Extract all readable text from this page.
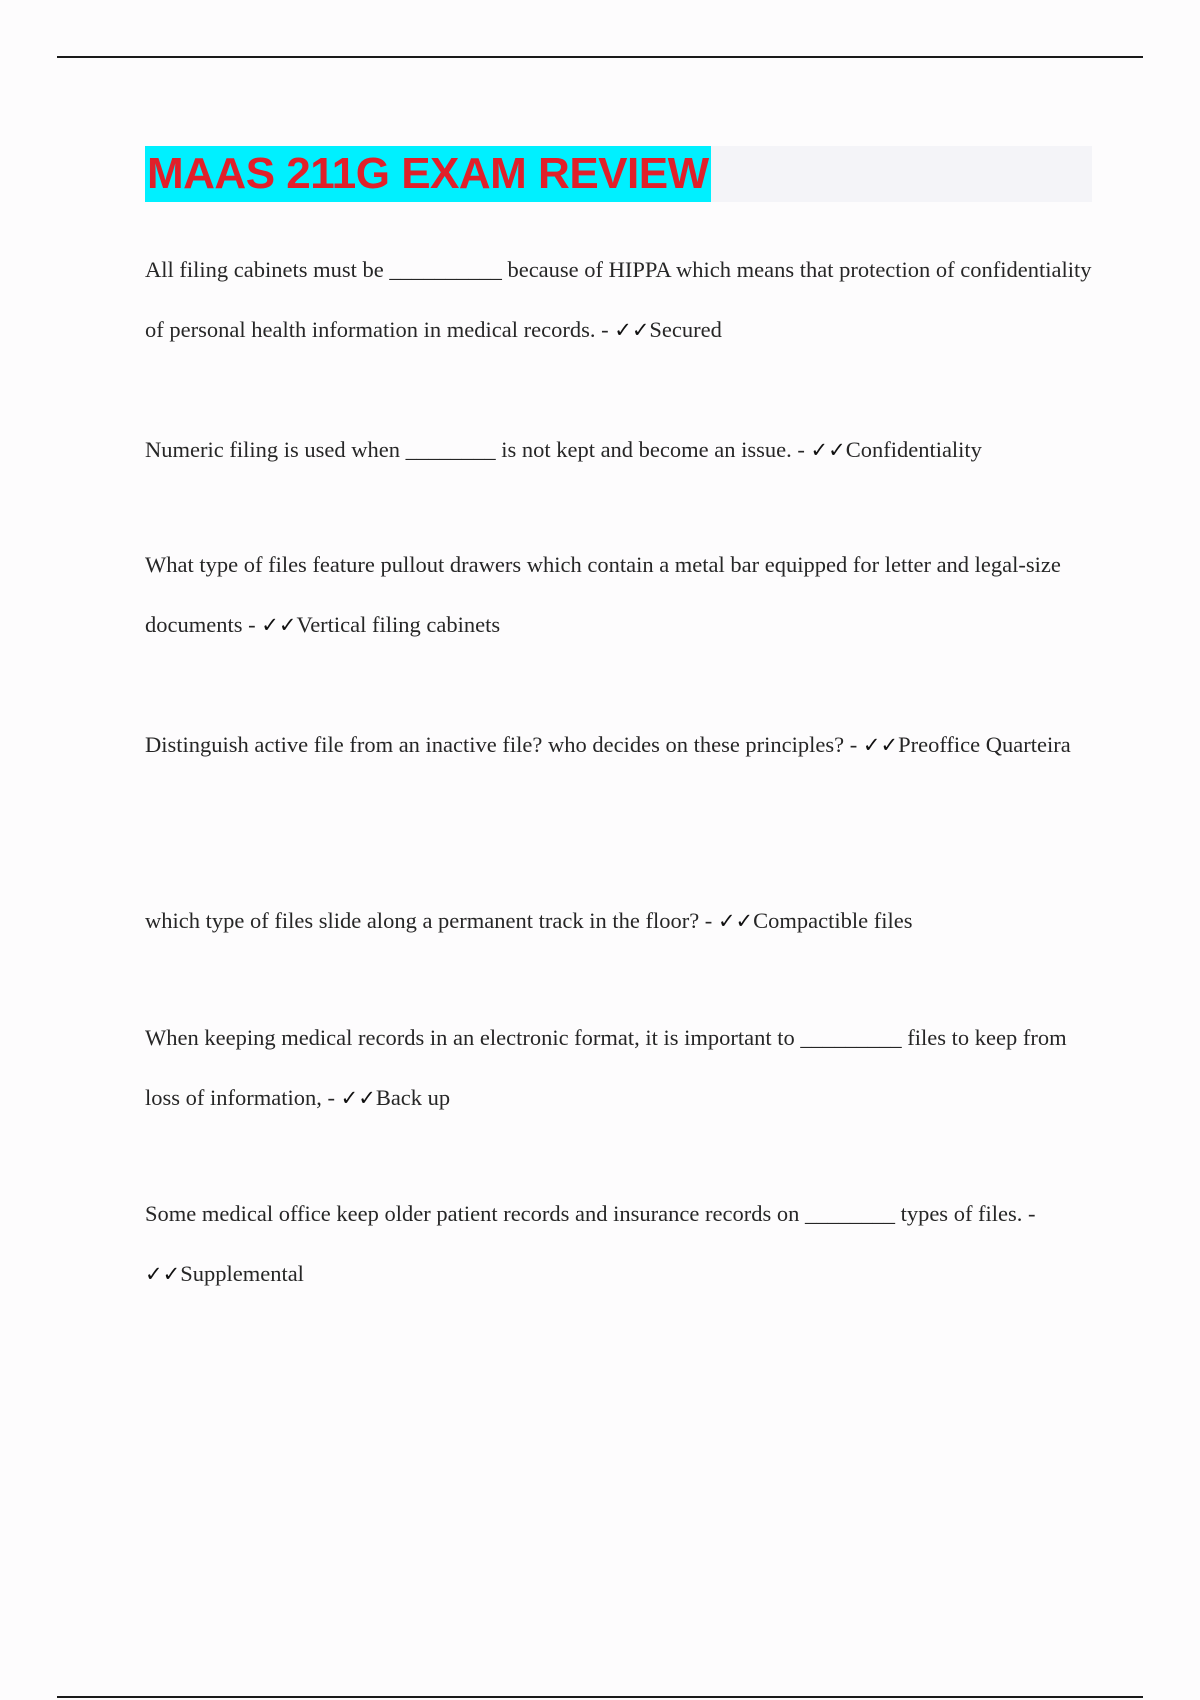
MAAS 211G EXAM REVIEW

All filing cabinets must be __________ because of HIPPA which means that protection of confidentiality of personal health information in medical records. - ✓✓Secured

Numeric filing is used when ________ is not kept and become an issue. - ✓✓Confidentiality

What type of files feature pullout drawers which contain a metal bar equipped for letter and legal-size documents - ✓✓Vertical filing cabinets

Distinguish active file from an inactive file? who decides on these principles? - ✓✓Preoffice Quarteira

which type of files slide along a permanent track in the floor? - ✓✓Compactible files

When keeping medical records in an electronic format, it is important to _________ files to keep from loss of information, - ✓✓Back up

Some medical office keep older patient records and insurance records on ________ types of files. - ✓✓Supplemental
